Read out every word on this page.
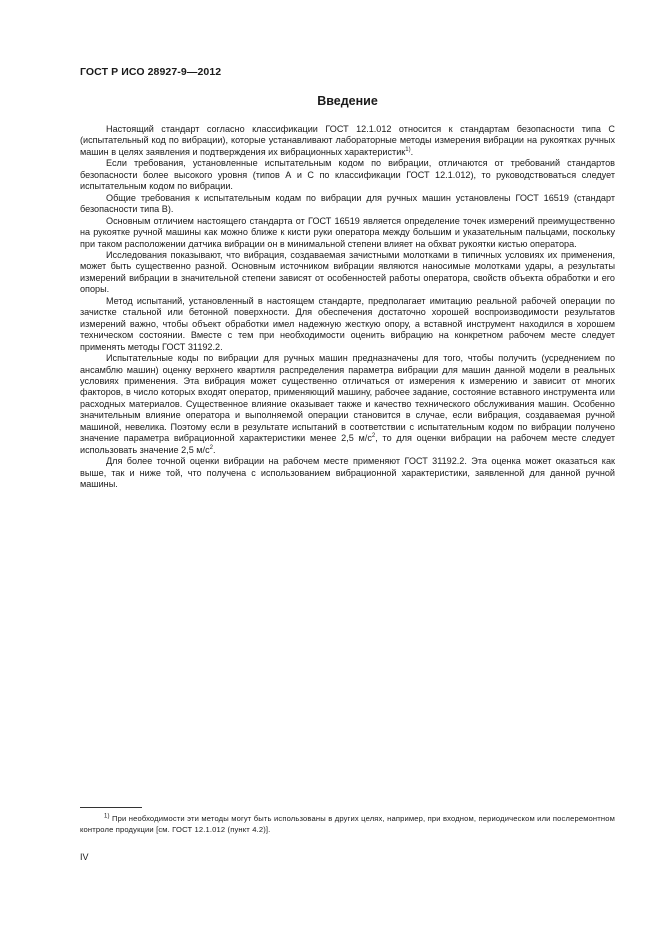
ГОСТ Р ИСО 28927-9—2012
Введение

Настоящий стандарт согласно классификации ГОСТ 12.1.012 относится к стандартам безопасности типа С (испытательный код по вибрации), которые устанавливают лабораторные методы измерения вибрации на рукоятках ручных машин в целях заявления и подтверждения их вибрационных характеристик$^{1)}$.

Если требования, установленные испытательным кодом по вибрации, отличаются от требований стандартов безопасности более высокого уровня (типов А и С по классификации ГОСТ 12.1.012), то руководствоваться следует испытательным кодом по вибрации.

Общие требования к испытательным кодам по вибрации для ручных машин установлены ГОСТ 16519 (стандарт безопасности типа В).

Основным отличием настоящего стандарта от ГОСТ 16519 является определение точек измерений преимущественно на рукоятке ручной машины как можно ближе к кисти руки оператора между большим и указательным пальцами, поскольку при таком расположении датчика вибрации он в минимальной степени влияет на обхват рукоятки кистью оператора.

Исследования показывают, что вибрация, создаваемая зачистными молотками в типичных условиях их применения, может быть существенно разной. Основным источником вибрации являются наносимые молотками удары, а результаты измерений вибрации в значительной степени зависят от особенностей работы оператора, свойств объекта обработки и его опоры.

Метод испытаний, установленный в настоящем стандарте, предполагает имитацию реальной рабочей операции по зачистке стальной или бетонной поверхности. Для обеспечения достаточно хорошей воспроизводимости результатов измерений важно, чтобы объект обработки имел надежную жесткую опору, а вставной инструмент находился в хорошем техническом состоянии. Вместе с тем при необходимости оценить вибрацию на конкретном рабочем месте следует применять методы ГОСТ 31192.2.

Испытательные коды по вибрации для ручных машин предназначены для того, чтобы получить (усреднением по ансамблю машин) оценку верхнего квартиля распределения параметра вибрации для машин данной модели в реальных условиях применения. Эта вибрация может существенно отличаться от измерения к измерению и зависит от многих факторов, в число которых входят оператор, применяющий машину, рабочее задание, состояние вставного инструмента или расходных материалов. Существенное влияние оказывает также и качество технического обслуживания машин. Особенно значительным влияние оператора и выполняемой операции становится в случае, если вибрация, создаваемая ручной машиной, невелика. Поэтому если в результате испытаний в соответствии с испытательным кодом по вибрации получено значение параметра вибрационной характеристики менее 2,5 $м/с^2$, то для оценки вибрации на рабочем месте следует использовать значение 2,5 $м/с^2$.

Для более точной оценки вибрации на рабочем месте применяют ГОСТ 31192.2. Эта оценка может оказаться как выше, так и ниже той, что получена с использованием вибрационной характеристики, заявленной для данной ручной машины.

$^{1)}$ При необходимости эти методы могут быть использованы в других целях, например, при входном, периодическом или послеремонтном контроле продукции [см. ГОСТ 12.1.012 (пункт 4.2)].
IV
